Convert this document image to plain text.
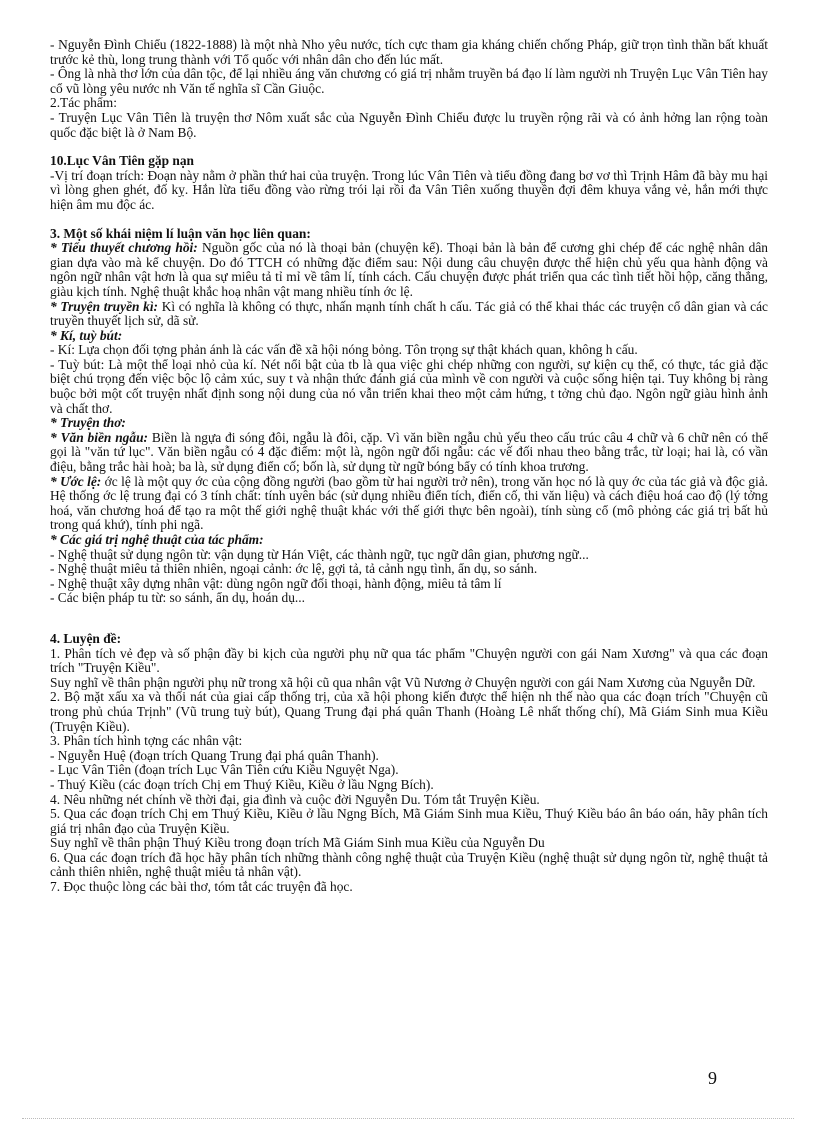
- Nguyễn Đình Chiểu (1822-1888) là một nhà Nho yêu nước, tích cực tham gia kháng chiến chống Pháp, giữ trọn tình thần bất khuất trước kẻ thù, long trung thành với Tổ quốc với nhân dân cho đến lúc mất.

- Ông là nhà thơ lớn của dân tộc, để lại nhiều áng văn chương có giá trị nhằm truyền bá đạo lí làm người nh Truyện Lục Vân Tiên hay cổ vũ lòng yêu nước nh Văn tế nghĩa sĩ Cần Giuộc.

2.Tác phẩm:

- Truyện Lục Vân Tiên là truyện thơ Nôm xuất sắc của Nguyễn Đình Chiểu được lu truyền rộng rãi và có ảnh hởng lan rộng toàn quốc đặc biệt là ở Nam Bộ.

10.Lục Vân Tiên gặp nạn

-Vị trí đoạn trích: Đoạn này nằm ở phần thứ hai của truyện. Trong lúc Vân Tiên và tiểu đồng đang bơ vơ thì Trịnh Hâm đã bày mu hại vì lòng ghen ghét, đố kỵ. Hắn lừa tiểu đồng vào rừng trói lại rồi đa Vân Tiên xuống thuyền đợi đêm khuya vắng vẻ, hắn mới thực hiện âm mu độc ác.

3. Một số khái niệm lí luận văn học liên quan:

* Tiểu thuyết chương hồi: Nguồn gốc của nó là thoại bản (chuyện kể). Thoại bản là bản để cương ghi chép để các nghệ nhân dân gian dựa vào mà kể chuyện. Do đó TTCH có những đặc điểm sau: Nội dung câu chuyện được thể hiện chủ yếu qua hành động và ngôn ngữ nhân vật hơn là qua sự miêu tả tỉ mỉ về tâm lí, tính cách. Cấu chuyện được phát triển qua các tình tiết hồi hộp, căng thẳng, giàu kịch tính. Nghệ thuật khắc hoạ nhân vật mang nhiều tính ớc lệ.

* Truyện truyền kì: Kì có nghĩa là không có thực, nhấn mạnh tính chất h cấu. Tác giả có thể khai thác các truyện cổ dân gian và các truyền thuyết lịch sử, dã sử.

* Kí, tuỳ bút:

- Kí: Lựa chọn đối tợng phản ánh là các vấn đề xã hội nóng bỏng. Tôn trọng sự thật khách quan, không h cấu.

- Tuỳ bút: Là một thể loại nhỏ của kí. Nét nổi bật của tb là qua việc ghi chép những con người, sự kiện cụ thể, có thực, tác giả đặc biệt chú trọng đến việc bộc lộ cảm xúc, suy t và nhận thức đánh giá của mình về con người và cuộc sống hiện tại. Tuy không bị ràng buộc bởi một cốt truyện nhất định song nội dung của nó vẫn triển khai theo một cảm hứng, t tởng chủ đạo. Ngôn ngữ giàu hình ảnh và chất thơ.

* Truyện thơ:

* Văn biền ngẫu: Biền là ngựa đi sóng đôi, ngẫu là đôi, cặp. Vì văn biền ngẫu chủ yếu theo cấu trúc câu 4 chữ và 6 chữ nên có thể gọi là "văn tứ lục". Văn biền ngẫu có 4 đặc điểm: một là, ngôn ngữ đối ngẫu: các vế đối nhau theo bằng trắc, từ loại; hai là, có vần điệu, bằng trắc hài hoà; ba là, sử dụng điển cố; bốn là, sử dụng từ ngữ bóng bẩy có tính khoa trương.

* Ước lệ: ớc lệ là một quy ớc của cộng đồng người (bao gồm từ hai người trở nên), trong văn học nó là quy ớc của tác giả và độc giả. Hệ thống ớc lệ trung đại có 3 tính chất: tính uyên bác (sử dụng nhiều điển tích, điển cố, thi văn liệu) và cách điệu hoá cao độ (lý tởng hoá, văn chương hoá để tạo ra một thế giới nghệ thuật khác với thế giới thực bên ngoài), tính sùng cổ (mô phỏng các giá trị bất hủ trong quá khứ), tính phi ngã.

* Các giá trị nghệ thuật của tác phẩm:

- Nghệ thuật sử dụng ngôn từ: vận dụng từ Hán Việt, các thành ngữ, tục ngữ dân gian, phương ngữ...

- Nghệ thuật miêu tả thiên nhiên, ngoại cảnh: ớc lệ, gợi tả, tả cảnh ngụ tình, ẩn dụ, so sánh.

- Nghệ thuật xây dựng nhân vật: dùng ngôn ngữ đối thoại, hành động, miêu tả tâm lí

- Các biện pháp tu từ: so sánh, ẩn dụ, hoán dụ...

4. Luyện đề:

1. Phân tích vẻ đẹp và số phận đầy bi kịch của người phụ nữ qua tác phẩm "Chuyện người con gái Nam Xương" và qua các đoạn trích "Truyện Kiều".

Suy nghĩ về thân phận người phụ nữ trong xã hội cũ qua nhân vật Vũ Nương ở Chuyện người con gái Nam Xương của Nguyễn Dữ.

2. Bộ mặt xấu xa và thối nát của giai cấp thống trị, của xã hội phong kiến được thể hiện nh thế nào qua các đoạn trích "Chuyện cũ trong phủ chúa Trịnh" (Vũ trung tuỳ bút), Quang Trung đại phá quân Thanh (Hoàng Lê nhất thống chí), Mã Giám Sinh mua Kiều (Truyện Kiều).

3. Phân tích hình tợng các nhân vật:

- Nguyễn Huệ (đoạn trích Quang Trung đại phá quân Thanh).

- Lục Vân Tiên (đoạn trích Lục Vân Tiên cứu Kiều Nguyệt Nga).

- Thuý Kiều (các đoạn trích Chị em Thuý Kiều, Kiều ở lầu Ngng Bích).

4. Nêu những nét chính về thời đại, gia đình và cuộc đời Nguyễn Du. Tóm tắt Truyện Kiều.

5. Qua các đoạn trích Chị em Thuý Kiều, Kiều ở lầu Ngng Bích, Mã Giám Sinh mua Kiều, Thuý Kiều báo ân báo oán, hãy phân tích giá trị nhân đạo của Truyện Kiều.

Suy nghĩ về thân phận Thuý Kiều trong đoạn trích Mã Giám Sinh mua Kiều của Nguyễn Du

6. Qua các đoạn trích đã học hãy phân tích những thành công nghệ thuật của Truyện Kiều (nghệ thuật sử dụng ngôn từ, nghệ thuật tả cảnh thiên nhiên, nghệ thuật miêu tả nhân vật).

7. Đọc thuộc lòng các bài thơ, tóm tắt các truyện đã học.

9
